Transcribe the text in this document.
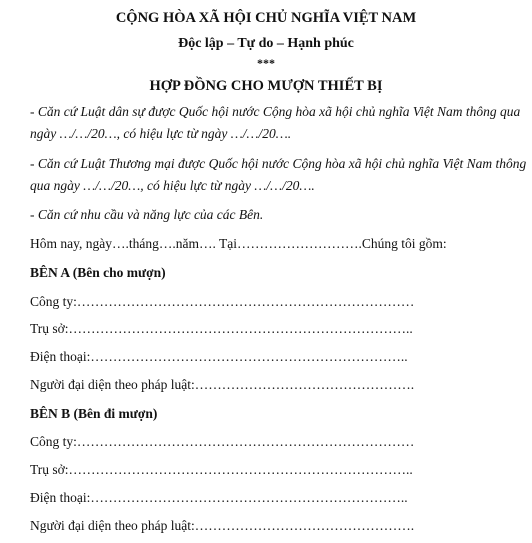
CỘNG HÒA XÃ HỘI CHỦ NGHĨA VIỆT NAM
Độc lập – Tự do – Hạnh phúc
***
HỢP ĐỒNG CHO MƯỢN THIẾT BỊ
- Căn cứ Luật dân sự được Quốc hội nước Cộng hòa xã hội chủ nghĩa Việt Nam thông qua
ngày …/…/20…, có hiệu lực từ ngày …/…/20….
- Căn cứ Luật Thương mại được Quốc hội nước Cộng hòa xã hội chủ nghĩa Việt Nam thông
qua ngày …/…/20…, có hiệu lực từ ngày …/…/20….
- Căn cứ nhu cầu và năng lực của các Bên.
Hôm nay, ngày….tháng….năm…. Tại……………………….Chúng tôi gồm:
BÊN A (Bên cho mượn)
Công ty:…………………………………………………………………
Trụ sở:…………………………………………………………………..
Điện thoại:……………………………………………………………..
Người đại diện theo pháp luật:………………………………………….
BÊN B (Bên đi mượn)
Công ty:…………………………………………………………………
Trụ sở:…………………………………………………………………..
Điện thoại:……………………………………………………………..
Người đại diện theo pháp luật:………………………………………….
